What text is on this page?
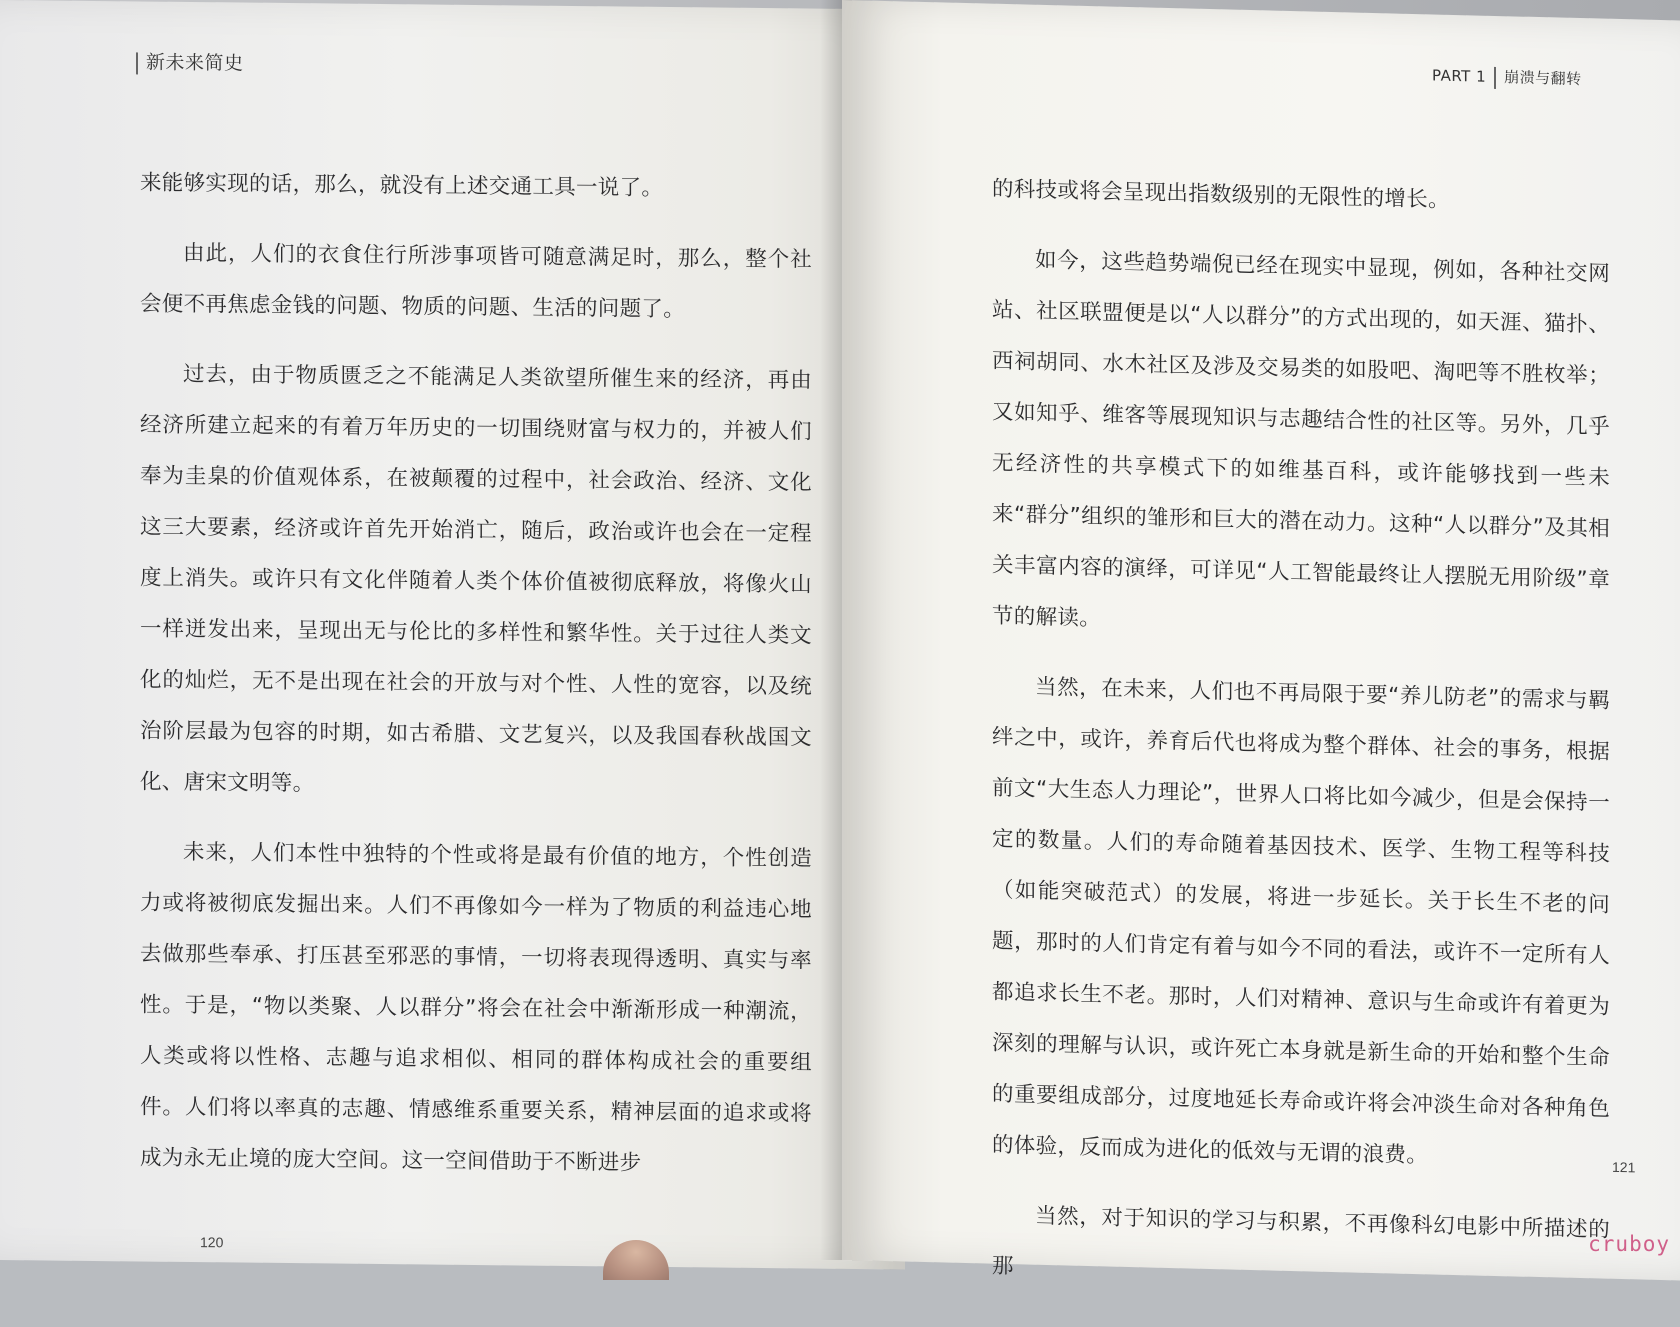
新未来简史

来能够实现的话，那么，就没有上述交通工具一说了。

由此，人们的衣食住行所涉事项皆可随意满足时，那么，整个社会便不再焦虑金钱的问题、物质的问题、生活的问题了。

过去，由于物质匮乏之不能满足人类欲望所催生来的经济，再由经济所建立起来的有着万年历史的一切围绕财富与权力的，并被人们奉为圭臬的价值观体系，在被颠覆的过程中，社会政治、经济、文化这三大要素，经济或许首先开始消亡，随后，政治或许也会在一定程度上消失。或许只有文化伴随着人类个体价值被彻底释放，将像火山一样迸发出来，呈现出无与伦比的多样性和繁华性。关于过往人类文化的灿烂，无不是出现在社会的开放与对个性、人性的宽容，以及统治阶层最为包容的时期，如古希腊、文艺复兴，以及我国春秋战国文化、唐宋文明等。

未来，人们本性中独特的个性或将是最有价值的地方，个性创造力或将被彻底发掘出来。人们不再像如今一样为了物质的利益违心地去做那些奉承、打压甚至邪恶的事情，一切将表现得透明、真实与率性。于是，“物以类聚、人以群分”将会在社会中渐渐形成一种潮流，人类或将以性格、志趣与追求相似、相同的群体构成社会的重要组件。人们将以率真的志趣、情感维系重要关系，精神层面的追求或将成为永无止境的庞大空间。这一空间借助于不断进步

120
PART 1 崩溃与翻转

的科技或将会呈现出指数级别的无限性的增长。

如今，这些趋势端倪已经在现实中显现，例如，各种社交网站、社区联盟便是以“人以群分”的方式出现的，如天涯、猫扑、西祠胡同、水木社区及涉及交易类的如股吧、淘吧等不胜枚举；又如知乎、维客等展现知识与志趣结合性的社区等。另外，几乎无经济性的共享模式下的如维基百科，或许能够找到一些未来“群分”组织的雏形和巨大的潜在动力。这种“人以群分”及其相关丰富内容的演绎，可详见“人工智能最终让人摆脱无用阶级”章节的解读。

当然，在未来，人们也不再局限于要“养儿防老”的需求与羁绊之中，或许，养育后代也将成为整个群体、社会的事务，根据前文“大生态人力理论”，世界人口将比如今减少，但是会保持一定的数量。人们的寿命随着基因技术、医学、生物工程等科技（如能突破范式）的发展，将进一步延长。关于长生不老的问题，那时的人们肯定有着与如今不同的看法，或许不一定所有人都追求长生不老。那时，人们对精神、意识与生命或许有着更为深刻的理解与认识，或许死亡本身就是新生命的开始和整个生命的重要组成部分，过度地延长寿命或许将会冲淡生命对各种角色的体验，反而成为进化的低效与无谓的浪费。

当然，对于知识的学习与积累，不再像科幻电影中所描述的那

121
cruboy
